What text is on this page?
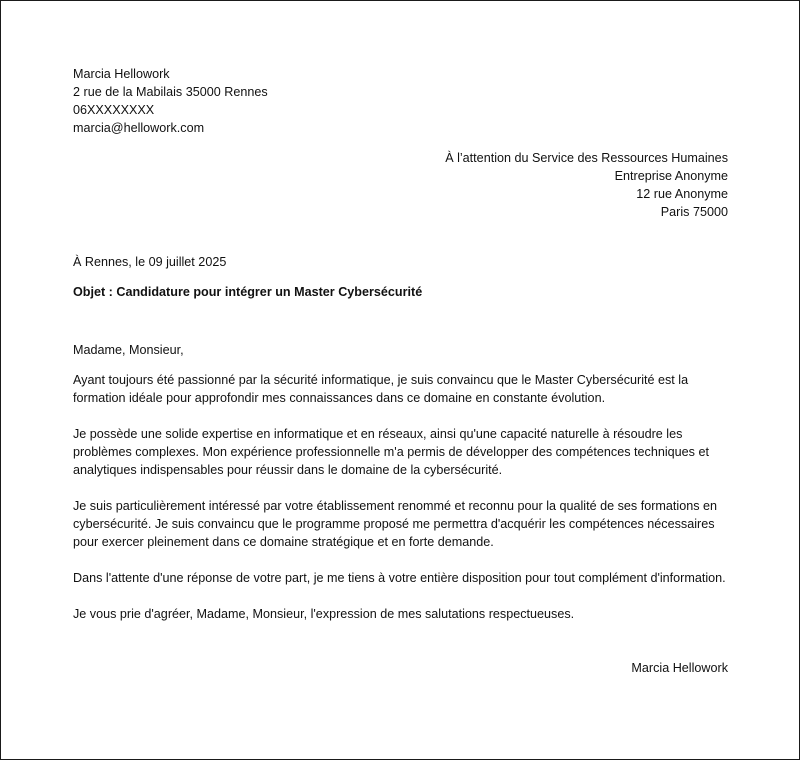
Marcia Hellowork

2 rue de la Mabilais 35000 Rennes

06XXXXXXXX

marcia@hellowork.com

À l’attention du Service des Ressources Humaines

Entreprise Anonyme

12 rue Anonyme

Paris 75000

À Rennes, le 09 juillet 2025

Objet : Candidature pour intégrer un Master Cybersécurité

Madame, Monsieur,

Ayant toujours été passionné par la sécurité informatique, je suis convaincu que le Master Cybersécurité est la formation idéale pour approfondir mes connaissances dans ce domaine en constante évolution.

Je possède une solide expertise en informatique et en réseaux, ainsi qu'une capacité naturelle à résoudre les problèmes complexes. Mon expérience professionnelle m'a permis de développer des compétences techniques et analytiques indispensables pour réussir dans le domaine de la cybersécurité.

Je suis particulièrement intéressé par votre établissement renommé et reconnu pour la qualité de ses formations en cybersécurité. Je suis convaincu que le programme proposé me permettra d'acquérir les compétences nécessaires pour exercer pleinement dans ce domaine stratégique et en forte demande.

Dans l'attente d'une réponse de votre part, je me tiens à votre entière disposition pour tout complément d'information.

Je vous prie d'agréer, Madame, Monsieur, l'expression de mes salutations respectueuses.

Marcia Hellowork
